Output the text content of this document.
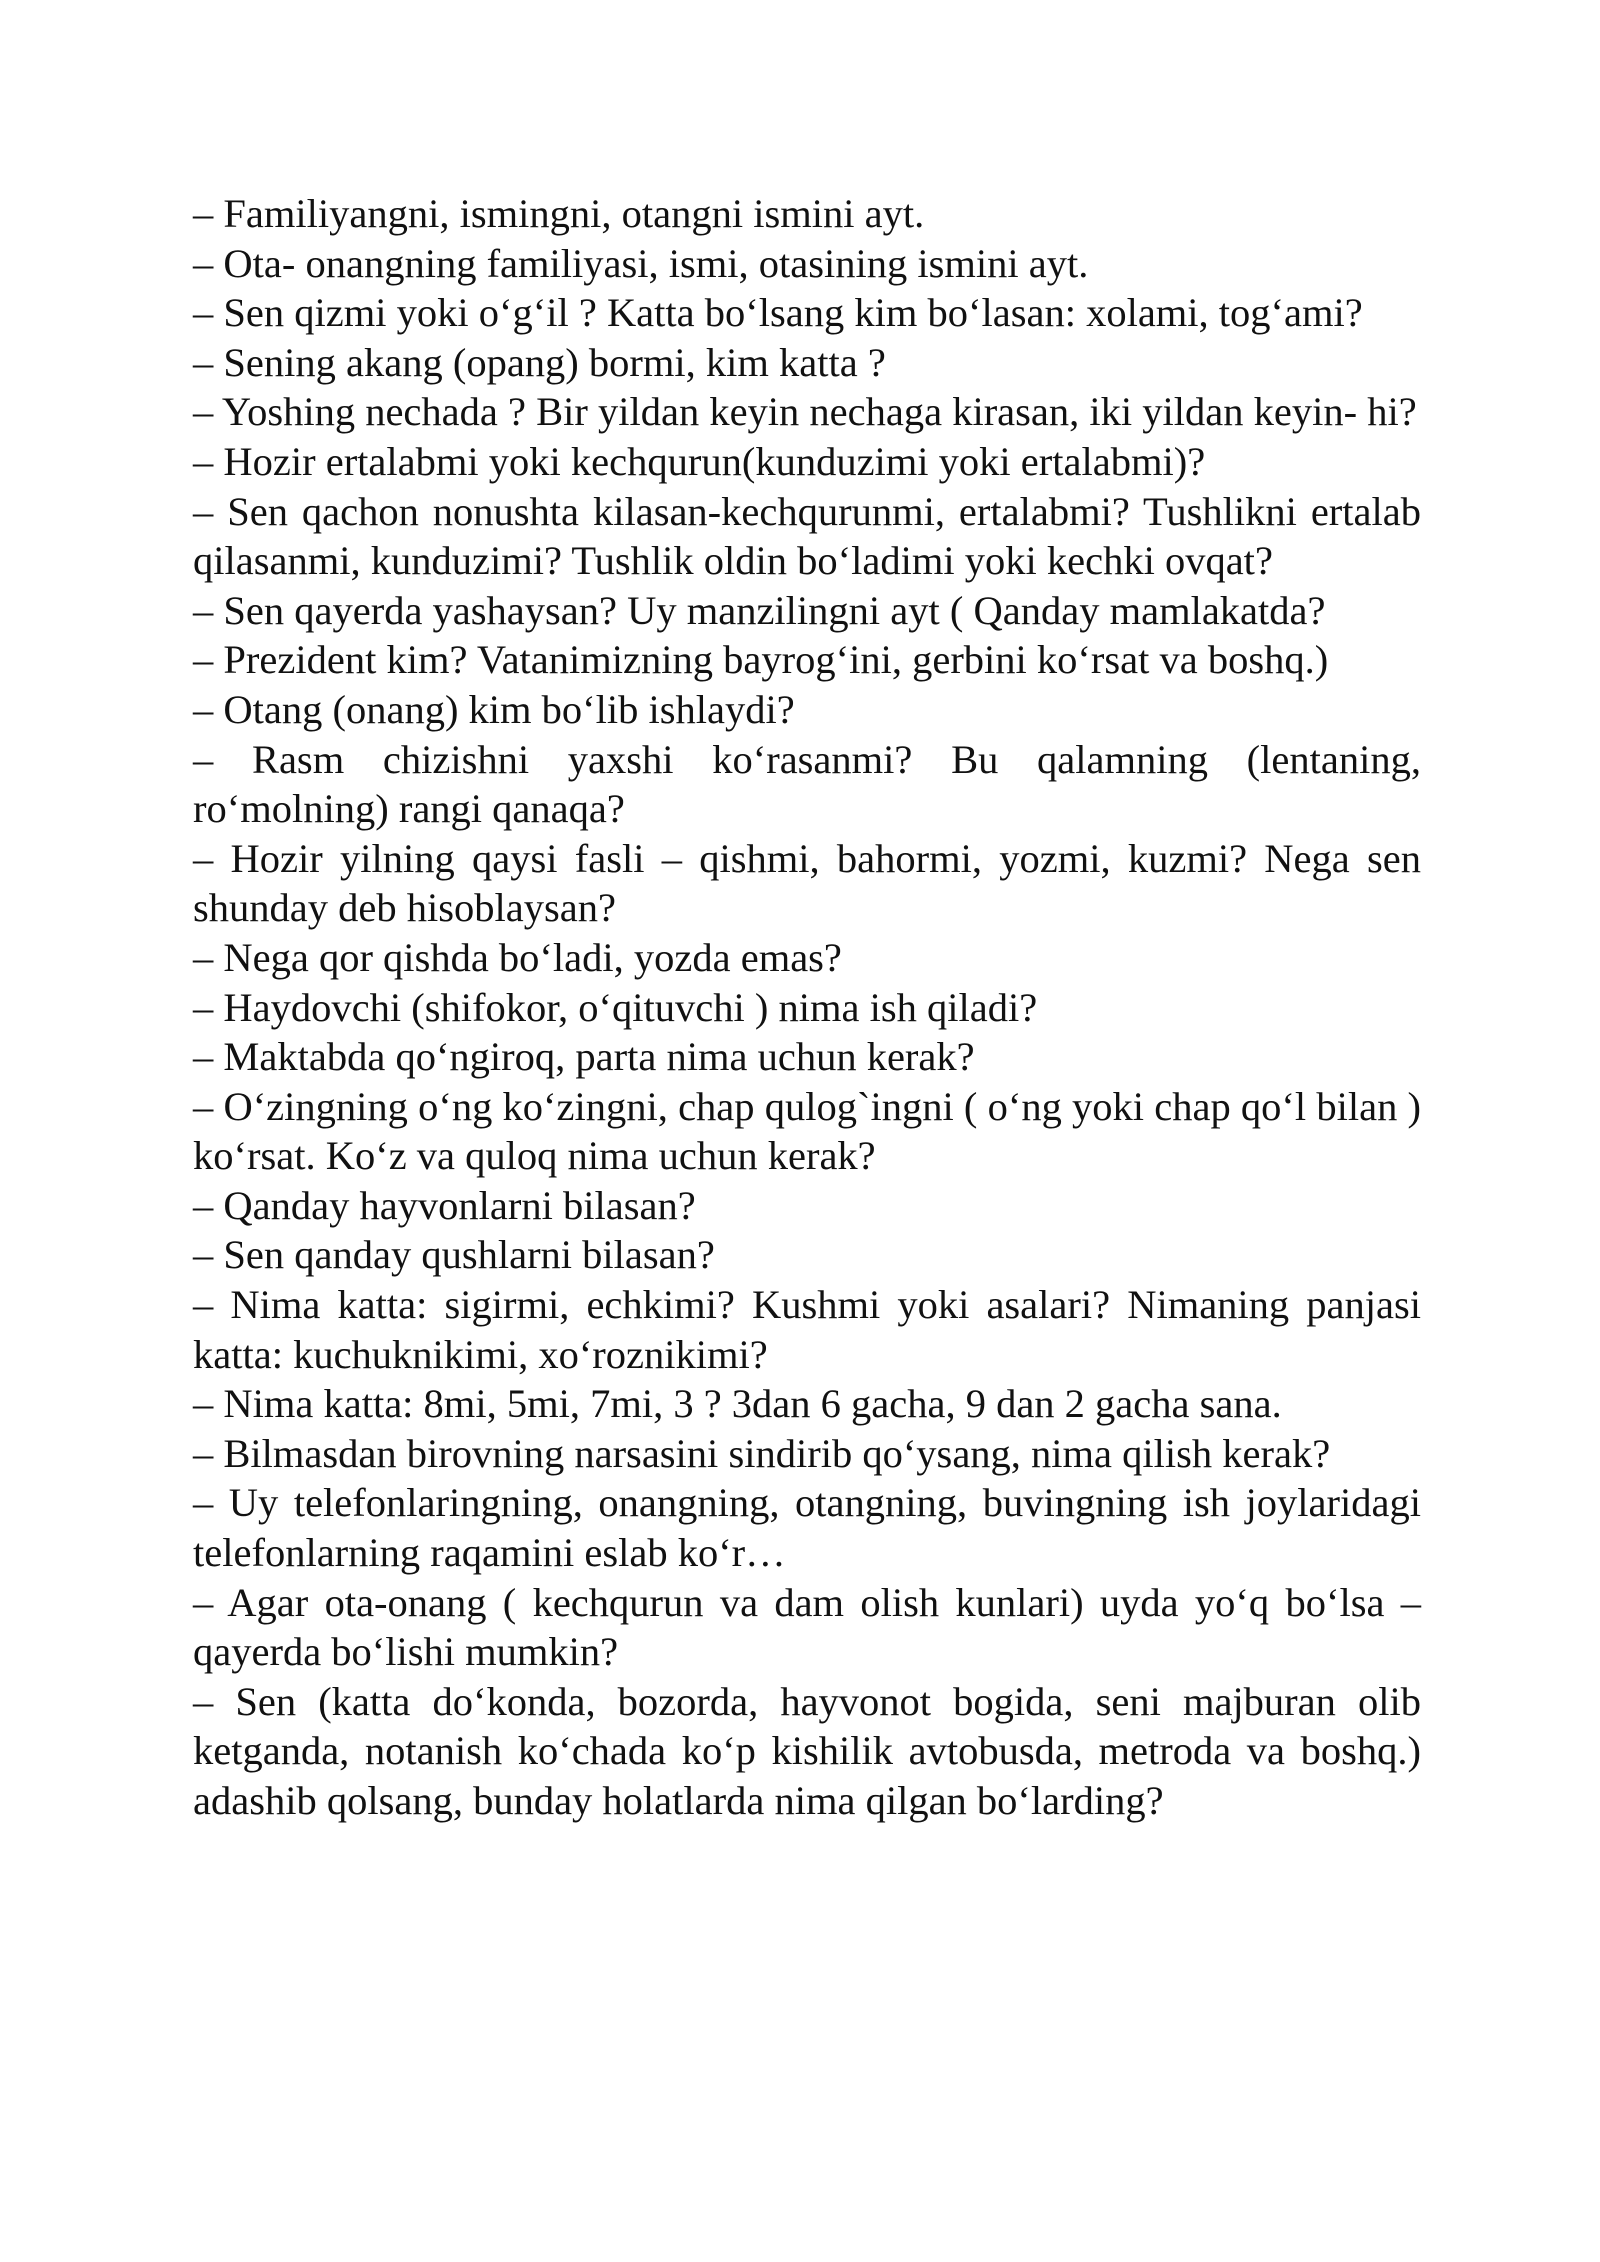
– Familiyangni, ismingni, otangni ismini ayt.

– Ota- onangning familiyasi, ismi, otasining ismini ayt.

– Sen qizmi yoki o‘g‘il ? Katta bo‘lsang kim bo‘lasan: xolami, tog‘ami?

– Sening akang (opang) bormi, kim katta ?

– Yoshing nechada ? Bir yildan keyin nechaga kirasan, iki yildan keyin- hi?

– Hozir ertalabmi yoki kechqurun(kunduzimi yoki ertalabmi)?

– Sen qachon nonushta kilasan-kechqurunmi, ertalabmi? Tushlikni ertalab qilasanmi, kunduzimi? Tushlik oldin bo‘ladimi yoki kechki ovqat?

– Sen qayerda yashaysan? Uy manzilingni ayt ( Qanday mamlakatda?

– Prezident kim? Vatanimizning bayrog‘ini, gerbini ko‘rsat va boshq.)

– Otang (onang) kim bo‘lib ishlaydi?

– Rasm chizishni yaxshi ko‘rasanmi? Bu qalamning (lentaning, ro‘molning) rangi qanaqa?

– Hozir yilning qaysi fasli – qishmi, bahormi, yozmi, kuzmi? Nega sen shunday deb hisoblaysan?

– Nega qor qishda bo‘ladi, yozda emas?

– Haydovchi (shifokor, o‘qituvchi ) nima ish qiladi?

– Maktabda qo‘ngiroq, parta nima uchun kerak?

– O‘zingning o‘ng ko‘zingni, chap qulog`ingni ( o‘ng yoki chap qo‘l bilan ) ko‘rsat. Ko‘z va quloq nima uchun kerak?

– Qanday hayvonlarni bilasan?

– Sen qanday qushlarni bilasan?

– Nima katta: sigirmi, echkimi? Kushmi yoki asalari? Nimaning panjasi katta: kuchuknikimi, xo‘roznikimi?

– Nima katta: 8mi, 5mi, 7mi, 3 ? 3dan 6 gacha, 9 dan 2 gacha sana.

– Bilmasdan birovning narsasini sindirib qo‘ysang, nima qilish kerak?

– Uy telefonlaringning, onangning, otangning, buvingning ish joylaridagi telefonlarning raqamini eslab ko‘r…

– Agar ota-onang ( kechqurun va dam olish kunlari) uyda yo‘q bo‘lsa – qayerda bo‘lishi mumkin?

– Sen (katta do‘konda, bozorda, hayvonot bogida, seni majburan olib ketganda, notanish ko‘chada ko‘p kishilik avtobusda, metroda va boshq.) adashib qolsang, bunday holatlarda nima qilgan bo‘larding?
